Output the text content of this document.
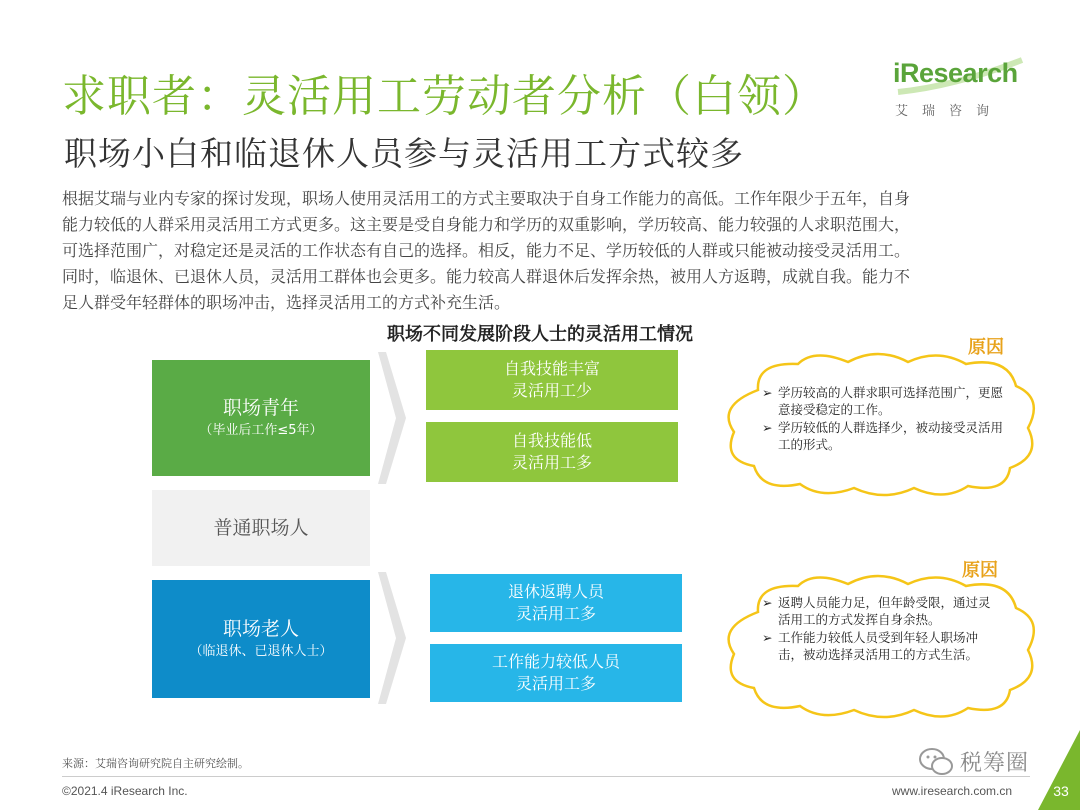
求职者：灵活用工劳动者分析（白领）
职场小白和临退休人员参与灵活用工方式较多
iResearch
艾瑞咨询

根据艾瑞与业内专家的探讨发现，职场人使用灵活用工的方式主要取决于自身工作能力的高低。工作年限少于五年，自身

能力较低的人群采用灵活用工方式更多。这主要是受自身能力和学历的双重影响，学历较高、能力较强的人求职范围大，

可选择范围广，对稳定还是灵活的工作状态有自己的选择。相反，能力不足、学历较低的人群或只能被动接受灵活用工。

同时，临退休、已退休人员，灵活用工群体也会更多。能力较高人群退休后发挥余热，被用人方返聘，成就自我。能力不

足人群受年轻群体的职场冲击，选择灵活用工的方式补充生活。

职场不同发展阶段人士的灵活用工情况
职场青年
（毕业后工作≤5年）
普通职场人
职场老人
（临退休、已退休人士）
自我技能丰富
灵活用工少
自我技能低
灵活用工多
退休返聘人员
灵活用工多
工作能力较低人员
灵活用工多
原因
➢ 学历较高的人群求职可选择范围广，更愿意接受稳定的工作。
➢ 学历较低的人群选择少，被动接受灵活用工的形式。
原因
➢ 返聘人员能力足，但年龄受限，通过灵活用工的方式发挥自身余热。
➢ 工作能力较低人员受到年轻人职场冲击，被动选择灵活用工的方式生活。
来源：艾瑞咨询研究院自主研究绘制。	税筹圈
©2021.4 iResearch Inc.	www.iresearch.com.cn	33
